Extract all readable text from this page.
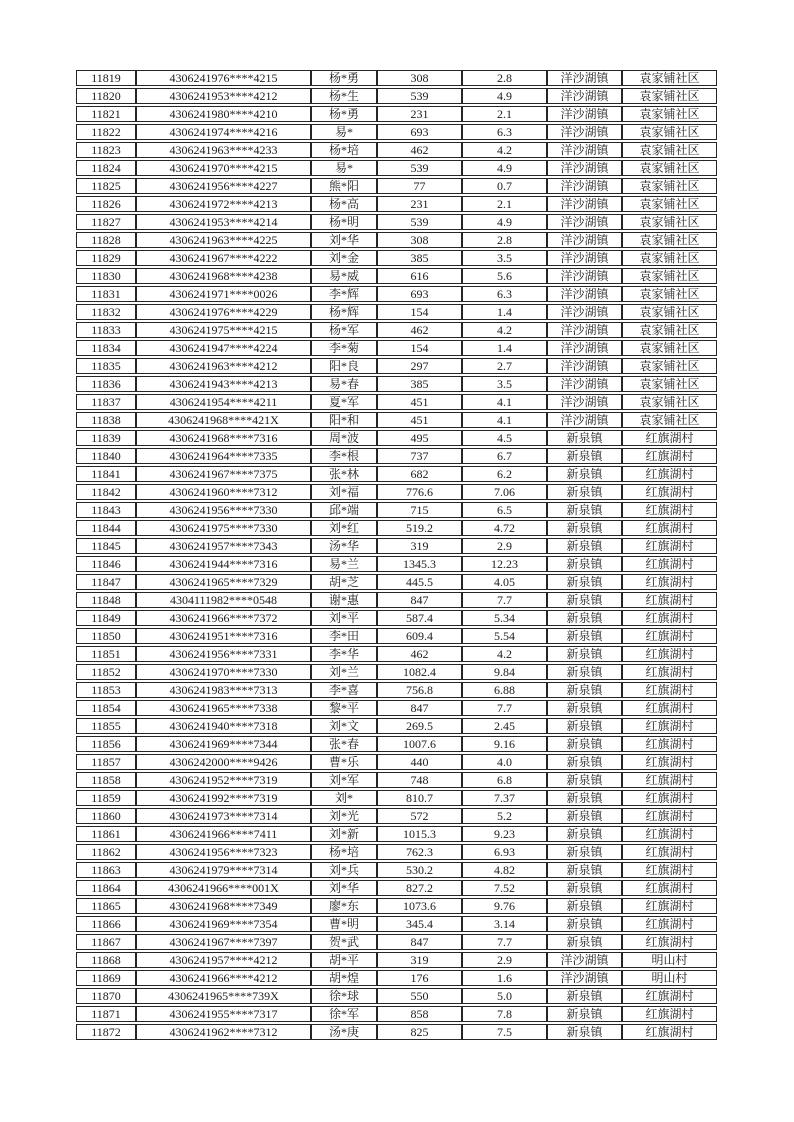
11819	4306241976****4215	杨*勇	308	2.8	洋沙湖镇	袁家铺社区
11820	4306241953****4212	杨*生	539	4.9	洋沙湖镇	袁家铺社区
11821	4306241980****4210	杨*勇	231	2.1	洋沙湖镇	袁家铺社区
11822	4306241974****4216	易*	693	6.3	洋沙湖镇	袁家铺社区
11823	4306241963****4233	杨*培	462	4.2	洋沙湖镇	袁家铺社区
11824	4306241970****4215	易*	539	4.9	洋沙湖镇	袁家铺社区
11825	4306241956****4227	熊*阳	77	0.7	洋沙湖镇	袁家铺社区
11826	4306241972****4213	杨*高	231	2.1	洋沙湖镇	袁家铺社区
11827	4306241953****4214	杨*明	539	4.9	洋沙湖镇	袁家铺社区
11828	4306241963****4225	刘*华	308	2.8	洋沙湖镇	袁家铺社区
11829	4306241967****4222	刘*金	385	3.5	洋沙湖镇	袁家铺社区
11830	4306241968****4238	易*威	616	5.6	洋沙湖镇	袁家铺社区
11831	4306241971****0026	李*辉	693	6.3	洋沙湖镇	袁家铺社区
11832	4306241976****4229	杨*辉	154	1.4	洋沙湖镇	袁家铺社区
11833	4306241975****4215	杨*军	462	4.2	洋沙湖镇	袁家铺社区
11834	4306241947****4224	李*菊	154	1.4	洋沙湖镇	袁家铺社区
11835	4306241963****4212	阳*良	297	2.7	洋沙湖镇	袁家铺社区
11836	4306241943****4213	易*春	385	3.5	洋沙湖镇	袁家铺社区
11837	4306241954****4211	夏*军	451	4.1	洋沙湖镇	袁家铺社区
11838	4306241968****421X	阳*和	451	4.1	洋沙湖镇	袁家铺社区
11839	4306241968****7316	周*波	495	4.5	新泉镇	红旗湖村
11840	4306241964****7335	李*根	737	6.7	新泉镇	红旗湖村
11841	4306241967****7375	张*林	682	6.2	新泉镇	红旗湖村
11842	4306241960****7312	刘*福	776.6	7.06	新泉镇	红旗湖村
11843	4306241956****7330	邱*端	715	6.5	新泉镇	红旗湖村
11844	4306241975****7330	刘*红	519.2	4.72	新泉镇	红旗湖村
11845	4306241957****7343	汤*华	319	2.9	新泉镇	红旗湖村
11846	4306241944****7316	易*兰	1345.3	12.23	新泉镇	红旗湖村
11847	4306241965****7329	胡*芝	445.5	4.05	新泉镇	红旗湖村
11848	4304111982****0548	谢*惠	847	7.7	新泉镇	红旗湖村
11849	4306241966****7372	刘*平	587.4	5.34	新泉镇	红旗湖村
11850	4306241951****7316	李*田	609.4	5.54	新泉镇	红旗湖村
11851	4306241956****7331	李*华	462	4.2	新泉镇	红旗湖村
11852	4306241970****7330	刘*兰	1082.4	9.84	新泉镇	红旗湖村
11853	4306241983****7313	李*喜	756.8	6.88	新泉镇	红旗湖村
11854	4306241965****7338	黎*平	847	7.7	新泉镇	红旗湖村
11855	4306241940****7318	刘*文	269.5	2.45	新泉镇	红旗湖村
11856	4306241969****7344	张*春	1007.6	9.16	新泉镇	红旗湖村
11857	4306242000****9426	曹*乐	440	4.0	新泉镇	红旗湖村
11858	4306241952****7319	刘*军	748	6.8	新泉镇	红旗湖村
11859	4306241992****7319	刘*	810.7	7.37	新泉镇	红旗湖村
11860	4306241973****7314	刘*光	572	5.2	新泉镇	红旗湖村
11861	4306241966****7411	刘*新	1015.3	9.23	新泉镇	红旗湖村
11862	4306241956****7323	杨*培	762.3	6.93	新泉镇	红旗湖村
11863	4306241979****7314	刘*兵	530.2	4.82	新泉镇	红旗湖村
11864	4306241966****001X	刘*华	827.2	7.52	新泉镇	红旗湖村
11865	4306241968****7349	廖*东	1073.6	9.76	新泉镇	红旗湖村
11866	4306241969****7354	曹*明	345.4	3.14	新泉镇	红旗湖村
11867	4306241967****7397	贺*武	847	7.7	新泉镇	红旗湖村
11868	4306241957****4212	胡*平	319	2.9	洋沙湖镇	明山村
11869	4306241966****4212	胡*煌	176	1.6	洋沙湖镇	明山村
11870	4306241965****739X	徐*球	550	5.0	新泉镇	红旗湖村
11871	4306241955****7317	徐*军	858	7.8	新泉镇	红旗湖村
11872	4306241962****7312	汤*庚	825	7.5	新泉镇	红旗湖村
